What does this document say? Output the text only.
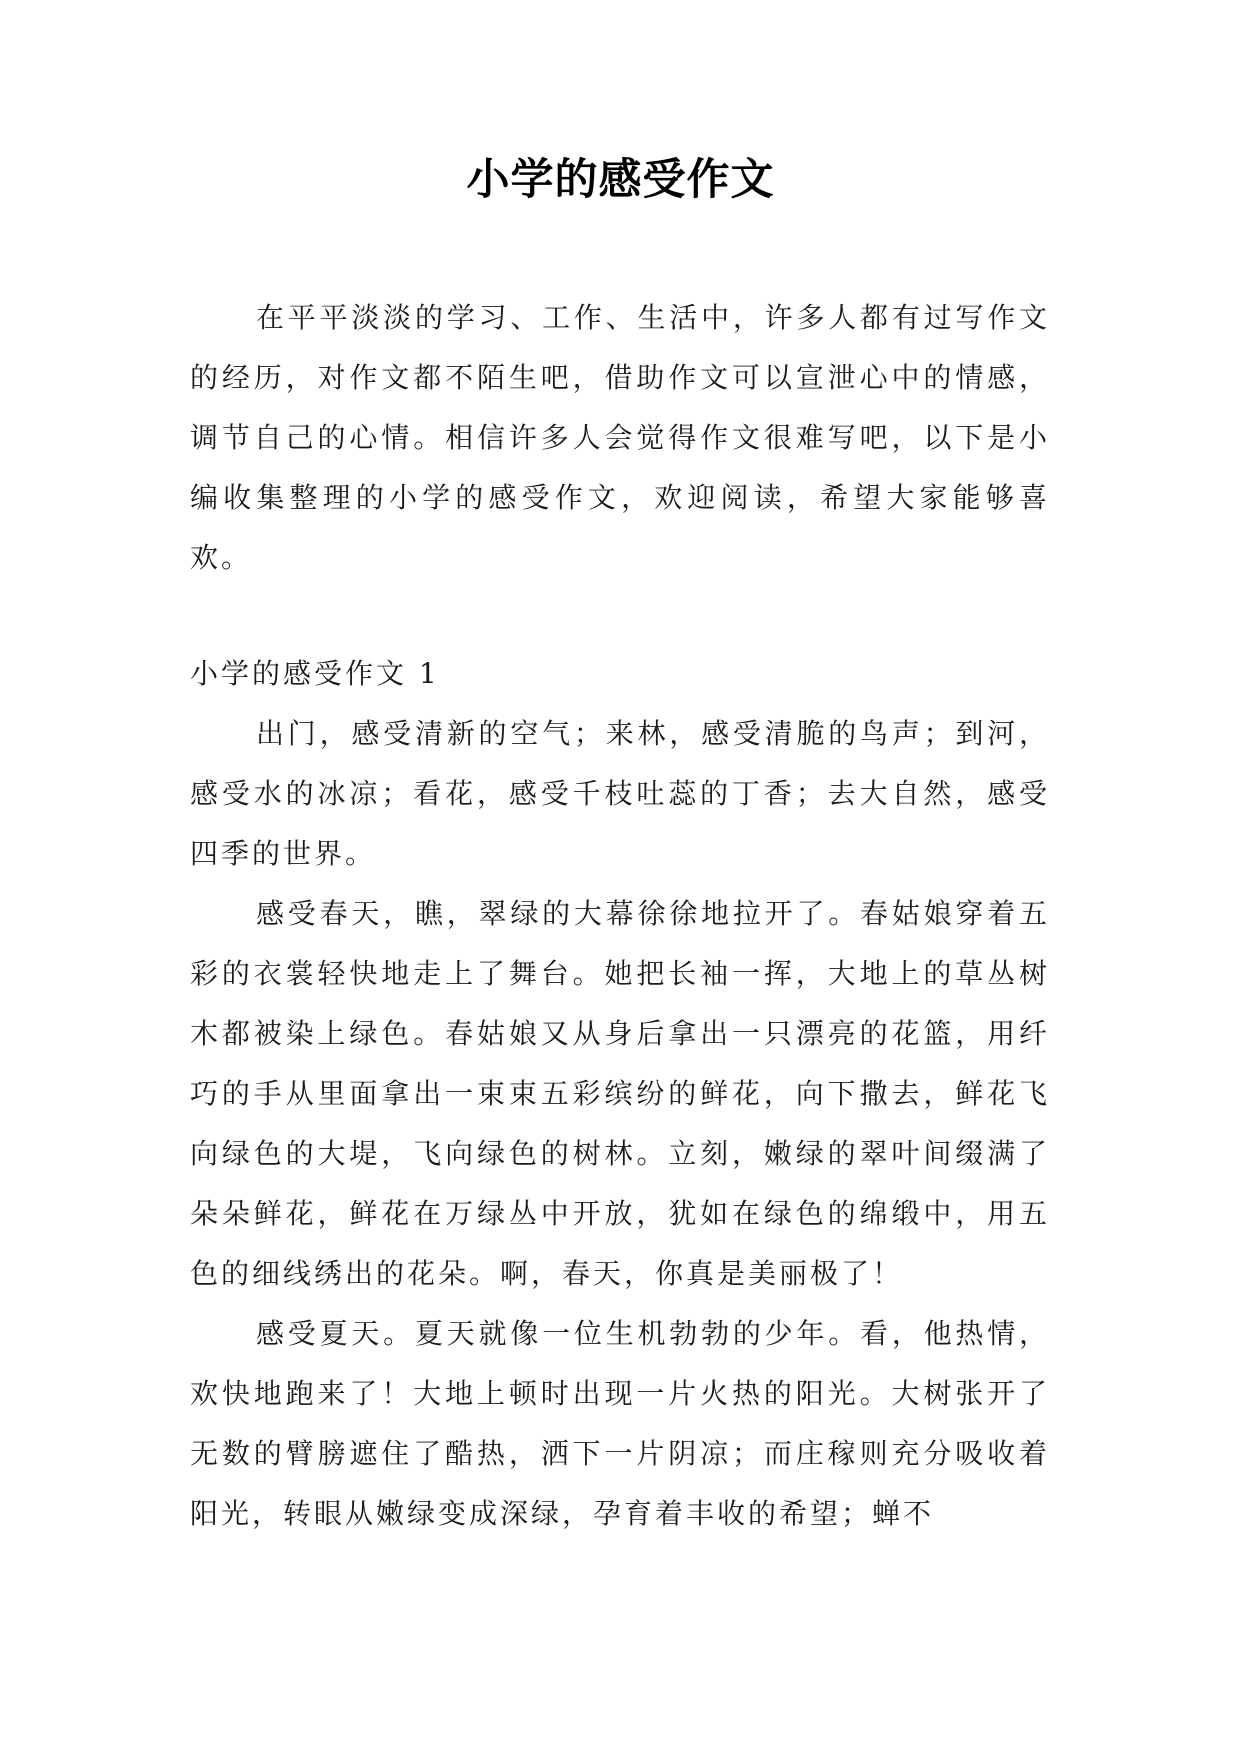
小学的感受作文

在平平淡淡的学习、工作、生活中，许多人都有过写作文的经历，对作文都不陌生吧，借助作文可以宣泄心中的情感，调节自己的心情。相信许多人会觉得作文很难写吧，以下是小编收集整理的小学的感受作文，欢迎阅读，希望大家能够喜欢。

小学的感受作文 1

出门，感受清新的空气；来林，感受清脆的鸟声；到河，感受水的冰凉；看花，感受千枝吐蕊的丁香；去大自然，感受四季的世界。

感受春天，瞧，翠绿的大幕徐徐地拉开了。春姑娘穿着五彩的衣裳轻快地走上了舞台。她把长袖一挥，大地上的草丛树木都被染上绿色。春姑娘又从身后拿出一只漂亮的花篮，用纤巧的手从里面拿出一束束五彩缤纷的鲜花，向下撒去，鲜花飞向绿色的大堤，飞向绿色的树林。立刻，嫩绿的翠叶间缀满了朵朵鲜花，鲜花在万绿丛中开放，犹如在绿色的绵缎中，用五色的细线绣出的花朵。啊，春天，你真是美丽极了！

感受夏天。夏天就像一位生机勃勃的少年。看，他热情，欢快地跑来了！大地上顿时出现一片火热的阳光。大树张开了无数的臂膀遮住了酷热，洒下一片阴凉；而庄稼则充分吸收着阳光，转眼从嫩绿变成深绿，孕育着丰收的希望；蝉不
